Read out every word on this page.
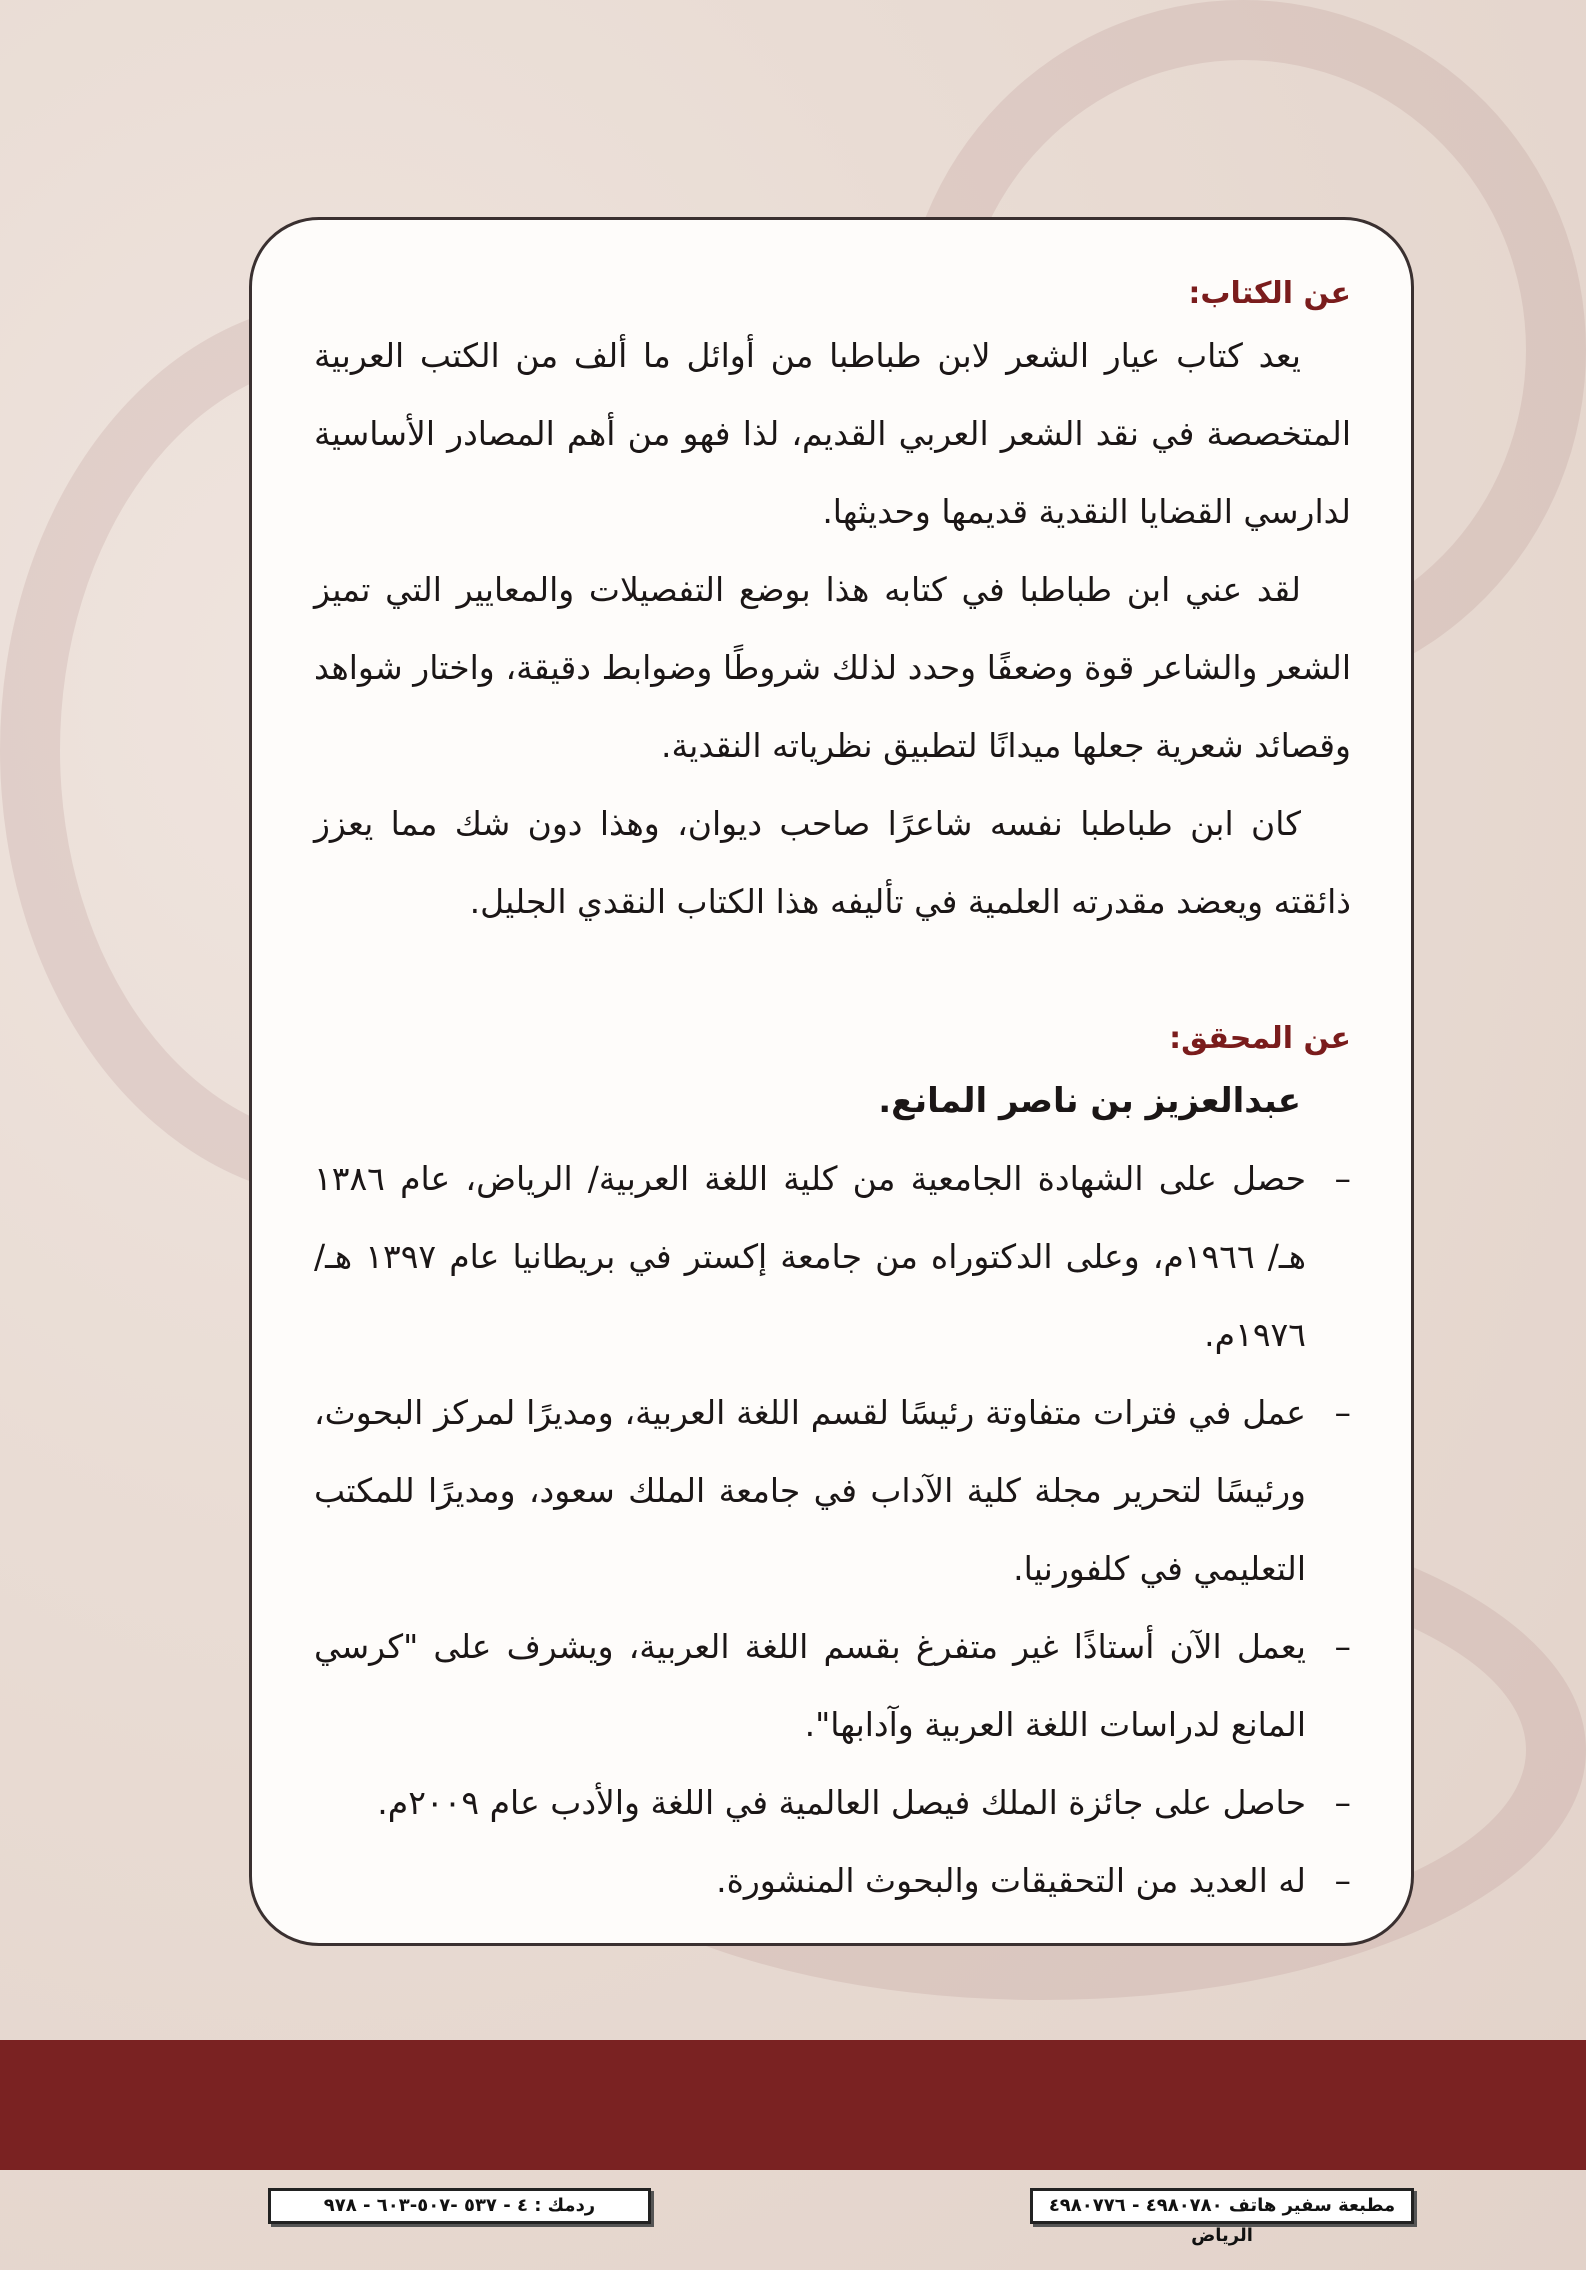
عن الكتاب:

يعد كتاب عيار الشعر لابن طباطبا من أوائل ما ألف من الكتب العربية المتخصصة في نقد الشعر العربي القديم، لذا فهو من أهم المصادر الأساسية لدارسي القضايا النقدية قديمها وحديثها.

لقد عني ابن طباطبا في كتابه هذا بوضع التفصيلات والمعايير التي تميز الشعر والشاعر قوة وضعفًا وحدد لذلك شروطًا وضوابط دقيقة، واختار شواهد وقصائد شعرية جعلها ميدانًا لتطبيق نظرياته النقدية.

كان ابن طباطبا نفسه شاعرًا صاحب ديوان، وهذا دون شك مما يعزز ذائقته ويعضد مقدرته العلمية في تأليفه هذا الكتاب النقدي الجليل.

عن المحقق:
عبدالعزيز بن ناصر المانع.
– حصل على الشهادة الجامعية من كلية اللغة العربية/ الرياض، عام ١٣٨٦ هـ/ ١٩٦٦م، وعلى الدكتوراه من جامعة إكستر في بريطانيا عام ١٣٩٧ هـ/ ١٩٧٦م.
– عمل في فترات متفاوتة رئيسًا لقسم اللغة العربية، ومديرًا لمركز البحوث، ورئيسًا لتحرير مجلة كلية الآداب في جامعة الملك سعود، ومديرًا للمكتب التعليمي في كلفورنيا.
– يعمل الآن أستاذًا غير متفرغ بقسم اللغة العربية، ويشرف على "كرسي المانع لدراسات اللغة العربية وآدابها".
– حاصل على جائزة الملك فيصل العالمية في اللغة والأدب عام ٢٠٠٩م.
– له العديد من التحقيقات والبحوث المنشورة.
ردمك : ٤ - ٥٣٧ -٥٠٧-٦٠٣ - ٩٧٨	مطبعة سفير هاتف ٤٩٨٠٧٨٠ - ٤٩٨٠٧٧٦ الرياض
